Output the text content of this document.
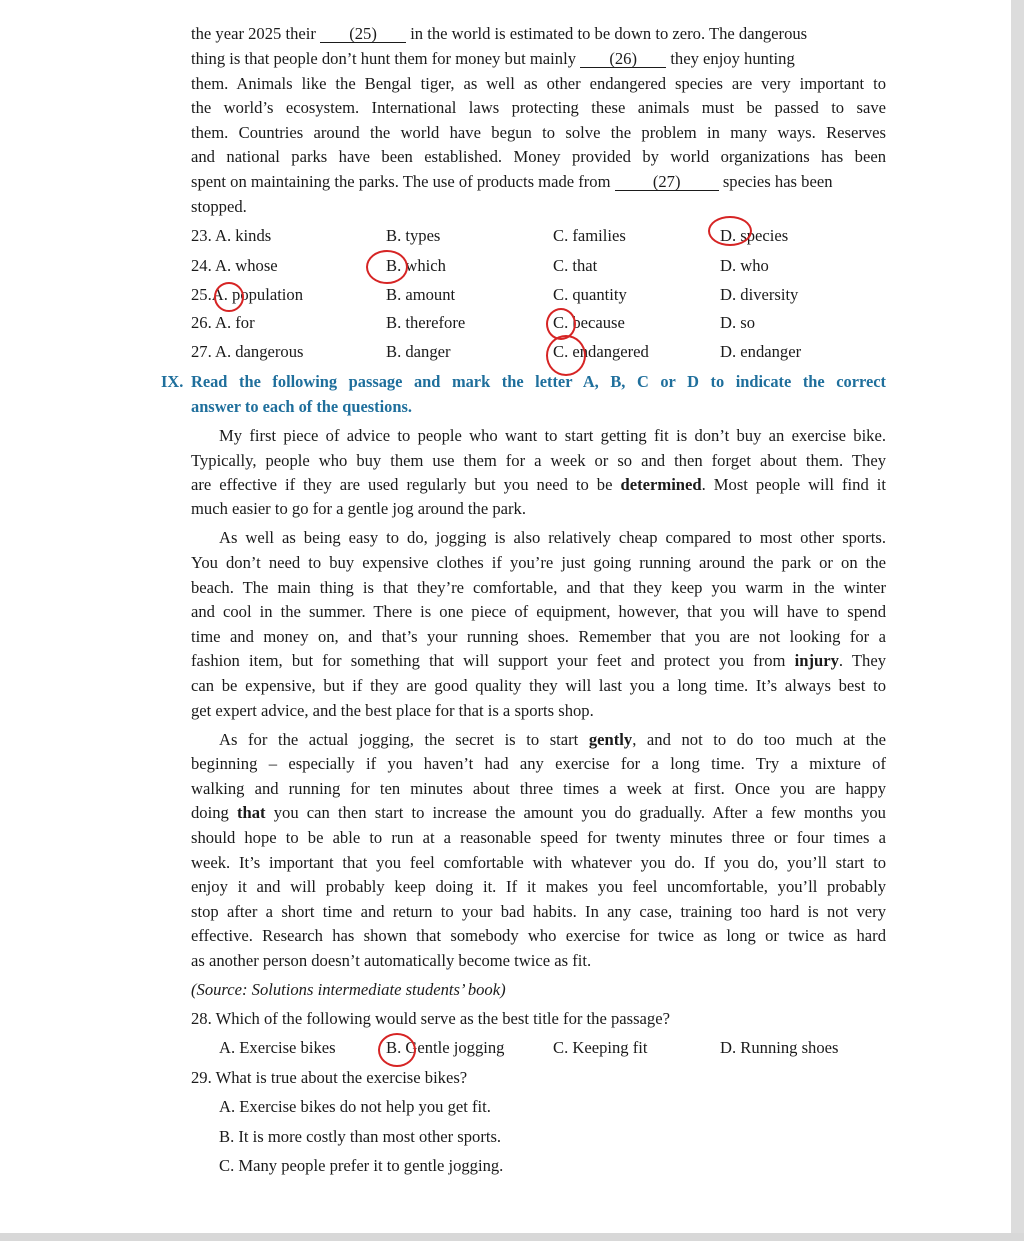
the year 2025 their (25) in the world is estimated to be down to zero. The dangerous
thing is that people don’t hunt them for money but mainly (26) they enjoy hunting
them. Animals like the Bengal tiger, as well as other endangered species are very important to
the world’s ecosystem. International laws protecting these animals must be passed to save
them. Countries around the world have begun to solve the problem in many ways. Reserves
and national parks have been established. Money provided by world organizations has been
spent on maintaining the parks. The use of products made from	(27)	species has been
stopped.
23. A. kinds	B. types	C. families	D. species
24. A. whose	B. which	C. that	D. who
25.A. population	B. amount	C. quantity	D. diversity
26. A. for	B. therefore	C. because	D. so
27. A. dangerous	B. danger	C. endangered	D. endanger
IX. Read the following passage and mark the letter A, B, C or D to indicate the correct
answer to each of the questions.
My first piece of advice to people who want to start getting fit is don’t buy an exercise bike.
Typically, people who buy them use them for a week or so and then forget about them. They
are effective if they are used regularly but you need to be determined. Most people will find it
much easier to go for a gentle jog around the park.
As well as being easy to do, jogging is also relatively cheap compared to most other sports.
You don’t need to buy expensive clothes if you’re just going running around the park or on the
beach. The main thing is that they’re comfortable, and that they keep you warm in the winter
and cool in the summer. There is one piece of equipment, however, that you will have to spend
time and money on, and that’s your running shoes. Remember that you are not looking for a
fashion item, but for something that will support your feet and protect you from injury. They
can be expensive, but if they are good quality they will last you a long time. It’s always best to
get expert advice, and the best place for that is a sports shop.
As for the actual jogging, the secret is to start gently, and not to do too much at the
beginning – especially if you haven’t had any exercise for a long time. Try a mixture of
walking and running for ten minutes about three times a week at first. Once you are happy
doing that you can then start to increase the amount you do gradually. After a few months you
should hope to be able to run at a reasonable speed for twenty minutes three or four times a
week. It’s important that you feel comfortable with whatever you do. If you do, you’ll start to
enjoy it and will probably keep doing it. If it makes you feel uncomfortable, you’ll probably
stop after a short time and return to your bad habits. In any case, training too hard is not very
effective. Research has shown that somebody who exercise for twice as long or twice as hard
as another person doesn’t automatically become twice as fit.
(Source: Solutions intermediate students’ book)
28. Which of the following would serve as the best title for the passage?
A. Exercise bikes	B. Gentle jogging	C. Keeping fit	D. Running shoes
29. What is true about the exercise bikes?
A. Exercise bikes do not help you get fit.
B. It is more costly than most other sports.
C. Many people prefer it to gentle jogging.
